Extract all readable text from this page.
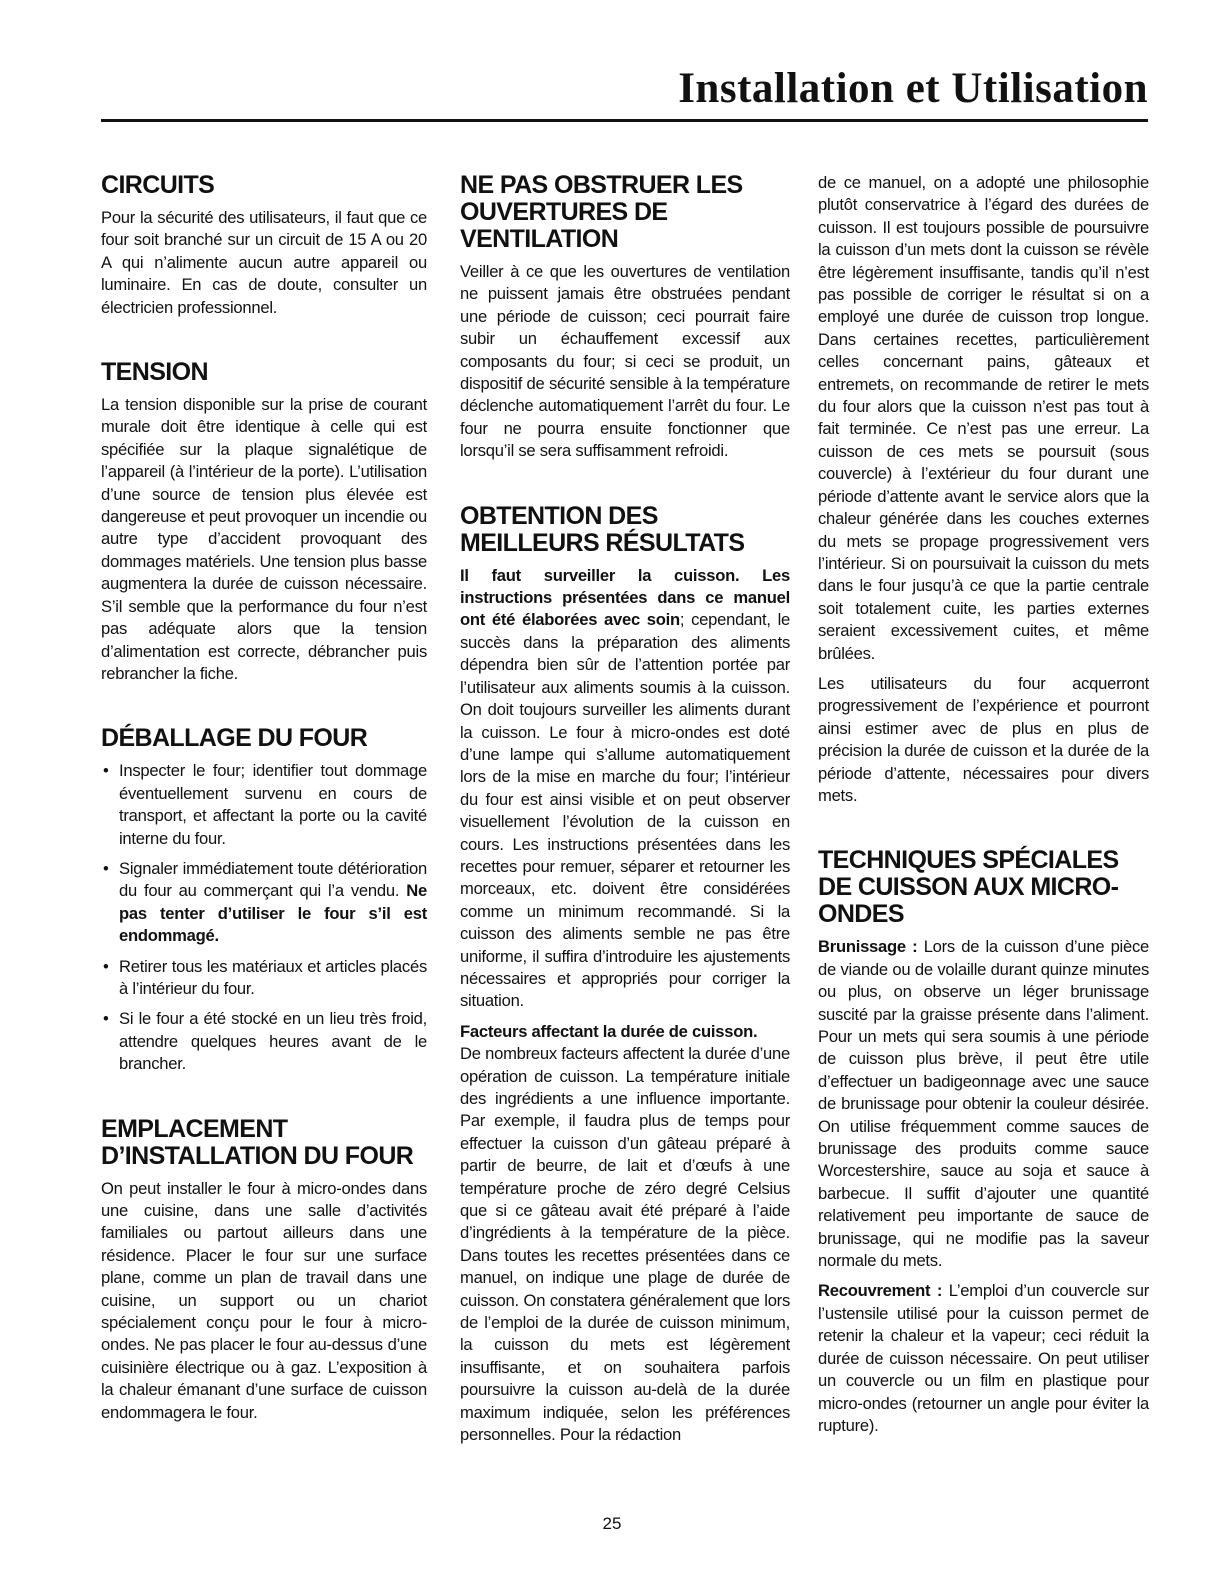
Installation et Utilisation
CIRCUITS

Pour la sécurité des utilisateurs, il faut que ce four soit branché sur un circuit de 15 A ou 20 A qui n’alimente aucun autre appareil ou luminaire. En cas de doute, consulter un électricien professionnel.

TENSION

La tension disponible sur la prise de courant murale doit être identique à celle qui est spécifiée sur la plaque signalétique de l’appareil (à l’intérieur de la porte). L’utilisation d’une source de tension plus élevée est dangereuse et peut provoquer un incendie ou autre type d’accident provoquant des dommages matériels. Une tension plus basse augmentera la durée de cuisson nécessaire. S’il semble que la performance du four n’est pas adéquate alors que la tension d’alimentation est correcte, débrancher puis rebrancher la fiche.

DÉBALLAGE DU FOUR
• Inspecter le four; identifier tout dommage éventuellement survenu en cours de transport, et affectant la porte ou la cavité interne du four.
• Signaler immédiatement toute détérioration du four au commerçant qui l’a vendu. Ne pas tenter d’utiliser le four s’il est endommagé.
• Retirer tous les matériaux et articles placés à l’intérieur du four.
• Si le four a été stocké en un lieu très froid, attendre quelques heures avant de le brancher.
EMPLACEMENT D’INSTALLATION DU FOUR

On peut installer le four à micro-ondes dans une cuisine, dans une salle d’activités familiales ou partout ailleurs dans une résidence. Placer le four sur une surface plane, comme un plan de travail dans une cuisine, un support ou un chariot spécialement conçu pour le four à micro-ondes. Ne pas placer le four au-dessus d’une cuisinière électrique ou à gaz. L’exposition à la chaleur émanant d’une surface de cuisson endommagera le four.

NE PAS OBSTRUER LES OUVERTURES DE VENTILATION

Veiller à ce que les ouvertures de ventilation ne puissent jamais être obstruées pendant une période de cuisson; ceci pourrait faire subir un échauffement excessif aux composants du four; si ceci se produit, un dispositif de sécurité sensible à la température déclenche automatiquement l’arrêt du four. Le four ne pourra ensuite fonctionner que lorsqu’il se sera suffisamment refroidi.

OBTENTION DES MEILLEURS RÉSULTATS

Il faut surveiller la cuisson. Les instructions présentées dans ce manuel ont été élaborées avec soin; cependant, le succès dans la préparation des aliments dépendra bien sûr de l’attention portée par l’utilisateur aux aliments soumis à la cuisson. On doit toujours surveiller les aliments durant la cuisson. Le four à micro-ondes est doté d’une lampe qui s’allume automatiquement lors de la mise en marche du four; l’intérieur du four est ainsi visible et on peut observer visuellement l’évolution de la cuisson en cours. Les instructions présentées dans les recettes pour remuer, séparer et retourner les morceaux, etc. doivent être considérées comme un minimum recommandé. Si la cuisson des aliments semble ne pas être uniforme, il suffira d’introduire les ajustements nécessaires et appropriés pour corriger la situation.

Facteurs affectant la durée de cuisson.
De nombreux facteurs affectent la durée d’une opération de cuisson. La température initiale des ingrédients a une influence importante. Par exemple, il faudra plus de temps pour effectuer la cuisson d’un gâteau préparé à partir de beurre, de lait et d’œufs à une température proche de zéro degré Celsius que si ce gâteau avait été préparé à l’aide d’ingrédients à la température de la pièce. Dans toutes les recettes présentées dans ce manuel, on indique une plage de durée de cuisson. On constatera généralement que lors de l’emploi de la durée de cuisson minimum, la cuisson du mets est légèrement insuffisante, et on souhaitera parfois poursuivre la cuisson au-delà de la durée maximum indiquée, selon les préférences personnelles. Pour la rédaction

de ce manuel, on a adopté une philosophie plutôt conservatrice à l’égard des durées de cuisson. Il est toujours possible de poursuivre la cuisson d’un mets dont la cuisson se révèle être légèrement insuffisante, tandis qu’il n’est pas possible de corriger le résultat si on a employé une durée de cuisson trop longue. Dans certaines recettes, particulièrement celles concernant pains, gâteaux et entremets, on recommande de retirer le mets du four alors que la cuisson n’est pas tout à fait terminée. Ce n’est pas une erreur. La cuisson de ces mets se poursuit (sous couvercle) à l’extérieur du four durant une période d’attente avant le service alors que la chaleur générée dans les couches externes du mets se propage progressivement vers l’intérieur. Si on poursuivait la cuisson du mets dans le four jusqu’à ce que la partie centrale soit totalement cuite, les parties externes seraient excessivement cuites, et même brûlées.

Les utilisateurs du four acquerront progressivement de l’expérience et pourront ainsi estimer avec de plus en plus de précision la durée de cuisson et la durée de la période d’attente, nécessaires pour divers mets.

TECHNIQUES SPÉCIALES DE CUISSON AUX MICRO-ONDES

Brunissage : Lors de la cuisson d’une pièce de viande ou de volaille durant quinze minutes ou plus, on observe un léger brunissage suscité par la graisse présente dans l’aliment. Pour un mets qui sera soumis à une période de cuisson plus brève, il peut être utile d’effectuer un badigeonnage avec une sauce de brunissage pour obtenir la couleur désirée. On utilise fréquemment comme sauces de brunissage des produits comme sauce Worcestershire, sauce au soja et sauce à barbecue. Il suffit d’ajouter une quantité relativement peu importante de sauce de brunissage, qui ne modifie pas la saveur normale du mets.

Recouvrement : L’emploi d’un couvercle sur l’ustensile utilisé pour la cuisson permet de retenir la chaleur et la vapeur; ceci réduit la durée de cuisson nécessaire. On peut utiliser un couvercle ou un film en plastique pour micro-ondes (retourner un angle pour éviter la rupture).

25
